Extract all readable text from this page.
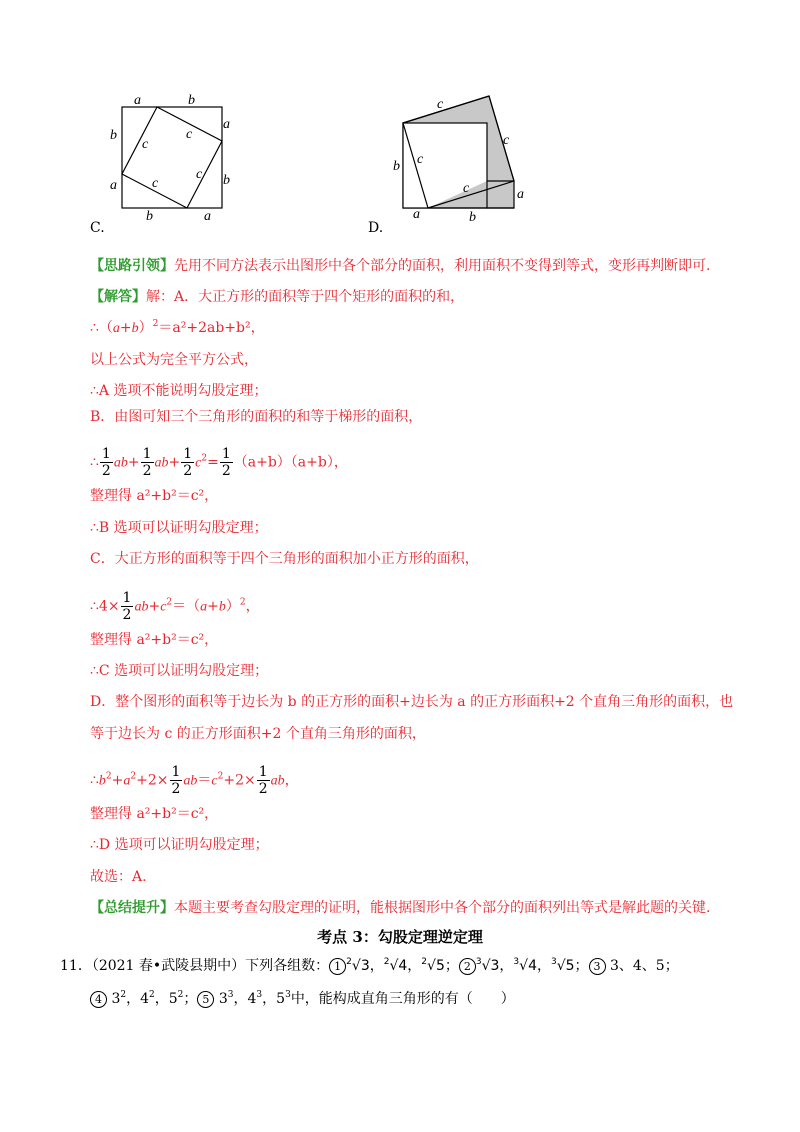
a	b
a
b
b
a
b	a
c
c
c
c
C.
c
c
c
c
b
a
a	b
D.
【思路引领】先用不同方法表示出图形中各个部分的面积，利用面积不变得到等式，变形再判断即可.
【解答】解：A．大正方形的面积等于四个矩形的面积的和，
$\therefore(a+b)^2=a^2+2ab+b^2$，
以上公式为完全平方公式，
∴A 选项不能说明勾股定理；
B．由图可知三个三角形的面积的和等于梯形的面积，
∴ $\frac{1}{2} ab+ \frac{1}{2} ab+ \frac{1}{2} c^2= \frac{1}{2} (a+b)(a+b)$，
整理得 a²+b²＝c²，
∴B 选项可以证明勾股定理；
C．大正方形的面积等于四个三角形的面积加小正方形的面积，
∴4× $\frac{1}{2} ab+c^2=(a+b)^2$，
整理得 a²+b²＝c²，
∴C 选项可以证明勾股定理；
D．整个图形的面积等于边长为 b 的正方形的面积+边长为 a 的正方形面积+2 个直角三角形的面积，也
等于边长为 c 的正方形面积+2 个直角三角形的面积，
$\therefore b^2+a^2+2\times \frac{1}{2} ab=c^2+2\times \frac{1}{2}$ ab，
整理得 a²+b²＝c²，
∴D 选项可以证明勾股定理；
故选：A.
【总结提升】本题主要考查勾股定理的证明，能根据图形中各个部分的面积列出等式是解此题的关键.
考点 3：勾股定理逆定理
11．（2021 春•武陵县期中）下列各组数： 1 $^2$√3，$^2$√4，$^2$√5； 2 $^3$√3，$^3$√4，$^3$√5； 3 3、4、5；
4 $3^2$，$4^2$，$5^2$； 5 $3^3$，$4^3$，$5^3$中，能构成直角三角形的有（　　）
